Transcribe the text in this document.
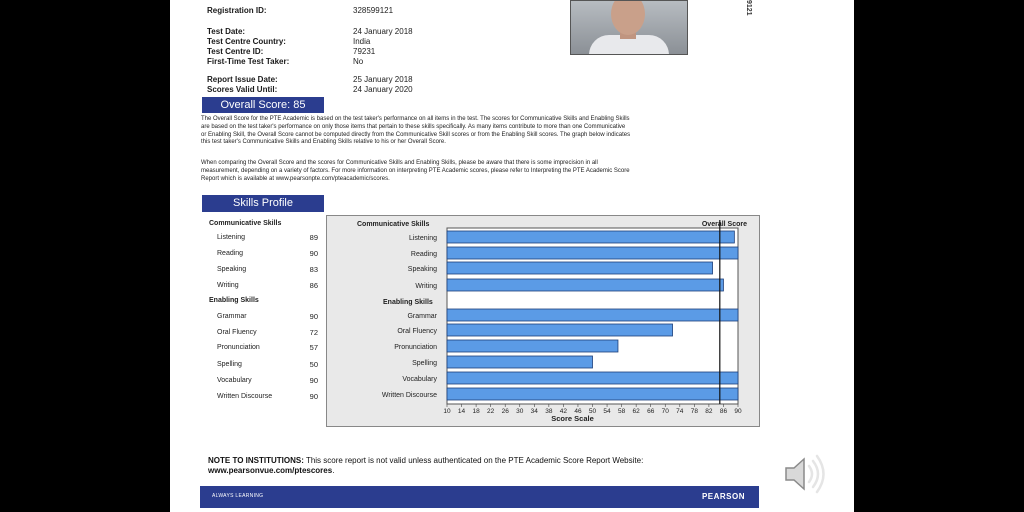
Registration ID:	328599121
Test Date:	24 January 2018
Test Centre Country:	India
Test Centre ID:	79231
First-Time Test Taker:	No
Report Issue Date:	25 January 2018
Scores Valid Until:	24 January 2020
9121
Overall Score: 85
The Overall Score for the PTE Academic is based on the test taker's performance on all items in the test. The scores for Communicative Skills and Enabling Skills are based on the test taker's performance on only those items that pertain to these skills specifically. As many items contribute to more than one Communicative or Enabling Skill, the Overall Score cannot be computed directly from the Communicative Skill scores or from the Enabling Skill scores. The graph below indicates this test taker's Communicative Skills and Enabling Skills relative to his or her Overall Score.
When comparing the Overall Score and the scores for Communicative Skills and Enabling Skills, please be aware that there is some imprecision in all measurement, depending on a variety of factors. For more information on interpreting PTE Academic scores, please refer to Interpreting the PTE Academic Score Report which is available at www.pearsonpte.com/pteacademic/scores.
Skills Profile
Communicative Skills
Listening	89
Reading	90
Speaking	83
Writing	86
Enabling Skills
Grammar	90
Oral Fluency	72
Pronunciation	57
Spelling	50
Vocabulary	90
Written Discourse	90
Communicative Skills
Enabling Skills
Overall Score
Listening
Reading
Speaking
Writing
Grammar
Oral Fluency
Pronunciation
Spelling
Vocabulary
Written Discourse
10 14 18 22 26 30 34 38 42 46 50 54 58 62 66 70 74 78 82 86 90
Score Scale
NOTE TO INSTITUTIONS: This score report is not valid unless authenticated on the PTE Academic Score Report Website: www.pearsonvue.com/ptescores.
ALWAYS LEARNING	PEARSON
